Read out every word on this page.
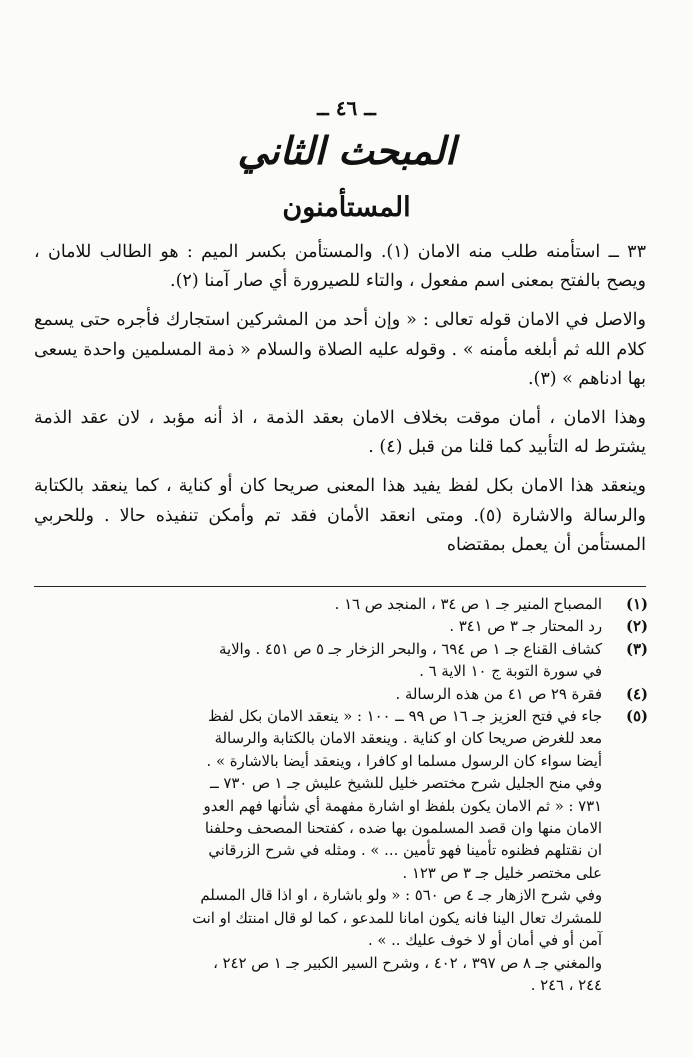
ــ ٤٦ ــ
المبحث الثاني
المستأمنون

٣٣ ــ استأمنه طلب منه الامان (١). والمستأمن بكسر الميم : هو الطالب للامان ، ويصح بالفتح بمعنى اسم مفعول ، والتاء للصيرورة أي صار آمنا (٢).

والاصل في الامان قوله تعالى : « وإن أحد من المشركين استجارك فأجره حتى يسمع كلام الله ثم أبلغه مأمنه » . وقوله عليه الصلاة والسلام « ذمة المسلمين واحدة يسعى بها ادناهم » (٣).

وهذا الامان ، أمان موقت بخلاف الامان بعقد الذمة ، اذ أنه مؤبد ، لان عقد الذمة يشترط له التأبيد كما قلنا من قبل (٤) .

وينعقد هذا الامان بكل لفظ يفيد هذا المعنى صريحا كان أو كناية ، كما ينعقد بالكتابة والرسالة والاشارة (٥). ومتى انعقد الأمان فقد تم وأمكن تنفيذه حالا . وللحربي المستأمن أن يعمل بمقتضاه

(١)
المصباح المنير جـ ١ ص ٣٤ ، المنجد ص ١٦ .
(٢)
رد المحتار جـ ٣ ص ٣٤١ .
(٣)
كشاف القناع جـ ١ ص ٦٩٤ ، والبحر الزخار جـ ٥ ص ٤٥١ . والاية
في سورة التوبة ج ١٠ الاية ٦ .
(٤)
فقرة ٢٩ ص ٤١ من هذه الرسالة .
(٥)
جاء في فتح العزيز جـ ١٦ ص ٩٩ ــ ١٠٠ : « ينعقد الامان بكل لفظ
معد للغرض صريحا كان او كناية . وينعقد الامان بالكتابة والرسالة
أيضا سواء كان الرسول مسلما او كافرا ، وينعقد أيضا بالاشارة » .
وفي منح الجليل شرح مختصر خليل للشيخ عليش جـ ١ ص ٧٣٠ ــ
٧٣١ : « ثم الامان يكون بلفظ او اشارة مفهمة أي شأنها فهم العدو
الامان منها وان قصد المسلمون بها ضده ، كفتحنا المصحف وحلفنا
ان نقتلهم فظنوه تأمينا فهو تأمين ... » . ومثله في شرح الزرقاني
على مختصر خليل جـ ٣ ص ١٢٣ .
وفي شرح الازهار جـ ٤ ص ٥٦٠ : « ولو باشارة ، او اذا قال المسلم
للمشرك تعال الينا فانه يكون امانا للمدعو ، كما لو قال امنتك او انت
آمن أو في أمان أو لا خوف عليك .. » .
والمغني جـ ٨ ص ٣٩٧ ، ٤٠٢ ، وشرح السير الكبير جـ ١ ص ٢٤٢ ،
٢٤٤ ، ٢٤٦ .
